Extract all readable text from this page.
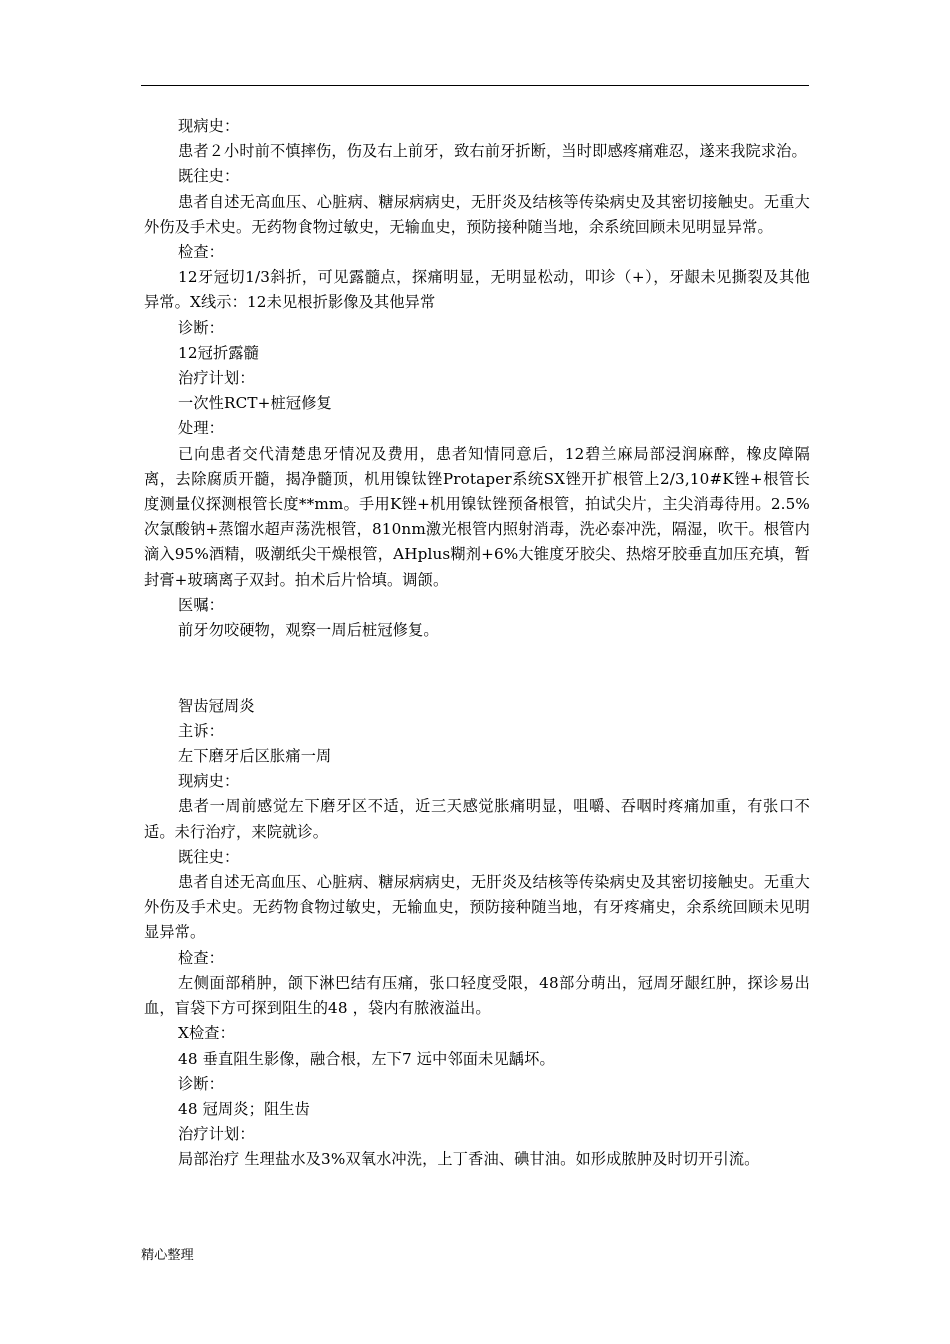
现病史：

患者２小时前不慎摔伤，伤及右上前牙，致右前牙折断，当时即感疼痛难忍，遂来我院求治。

既往史：

患者自述无高血压、心脏病、糖尿病病史，无肝炎及结核等传染病史及其密切接触史。无重大外伤及手术史。无药物食物过敏史，无输血史，预防接种随当地，余系统回顾未见明显异常。

检查：

12牙冠切1/3斜折，可见露髓点，探痛明显，无明显松动，叩诊（+），牙龈未见撕裂及其他异常。X线示：12未见根折影像及其他异常

诊断：

12冠折露髓

治疗计划：

一次性RCT+桩冠修复

处理：

已向患者交代清楚患牙情况及费用，患者知情同意后，12碧兰麻局部浸润麻醉，橡皮障隔离，去除腐质开髓，揭净髓顶，机用镍钛锉Protaper系统SX锉开扩根管上2/3,10#K锉+根管长度测量仪探测根管长度**mm。手用K锉+机用镍钛锉预备根管，拍试尖片，主尖消毒待用。2.5%次氯酸钠+蒸馏水超声荡洗根管，810nm激光根管内照射消毒，洗必泰冲洗，隔湿，吹干。根管内滴入95%酒精，吸潮纸尖干燥根管，AHplus糊剂+6%大锥度牙胶尖、热熔牙胶垂直加压充填，暂封膏+玻璃离子双封。拍术后片恰填。调颌。

医嘱：

前牙勿咬硬物，观察一周后桩冠修复。

智齿冠周炎

主诉：

左下磨牙后区胀痛一周

现病史：

患者一周前感觉左下磨牙区不适，近三天感觉胀痛明显，咀嚼、吞咽时疼痛加重，有张口不适。未行治疗，来院就诊。

既往史：

患者自述无高血压、心脏病、糖尿病病史，无肝炎及结核等传染病史及其密切接触史。无重大外伤及手术史。无药物食物过敏史，无输血史，预防接种随当地，有牙疼痛史，余系统回顾未见明显异常。

检查：

左侧面部稍肿，颌下淋巴结有压痛，张口轻度受限，48部分萌出，冠周牙龈红肿，探诊易出血，盲袋下方可探到阻生的48 ，袋内有脓液溢出。

X检查：

48 垂直阻生影像，融合根，左下7 远中邻面未见龋坏。

诊断：

48 冠周炎；阻生齿

治疗计划：

局部治疗 生理盐水及3%双氧水冲洗，上丁香油、碘甘油。如形成脓肿及时切开引流。

精心整理
